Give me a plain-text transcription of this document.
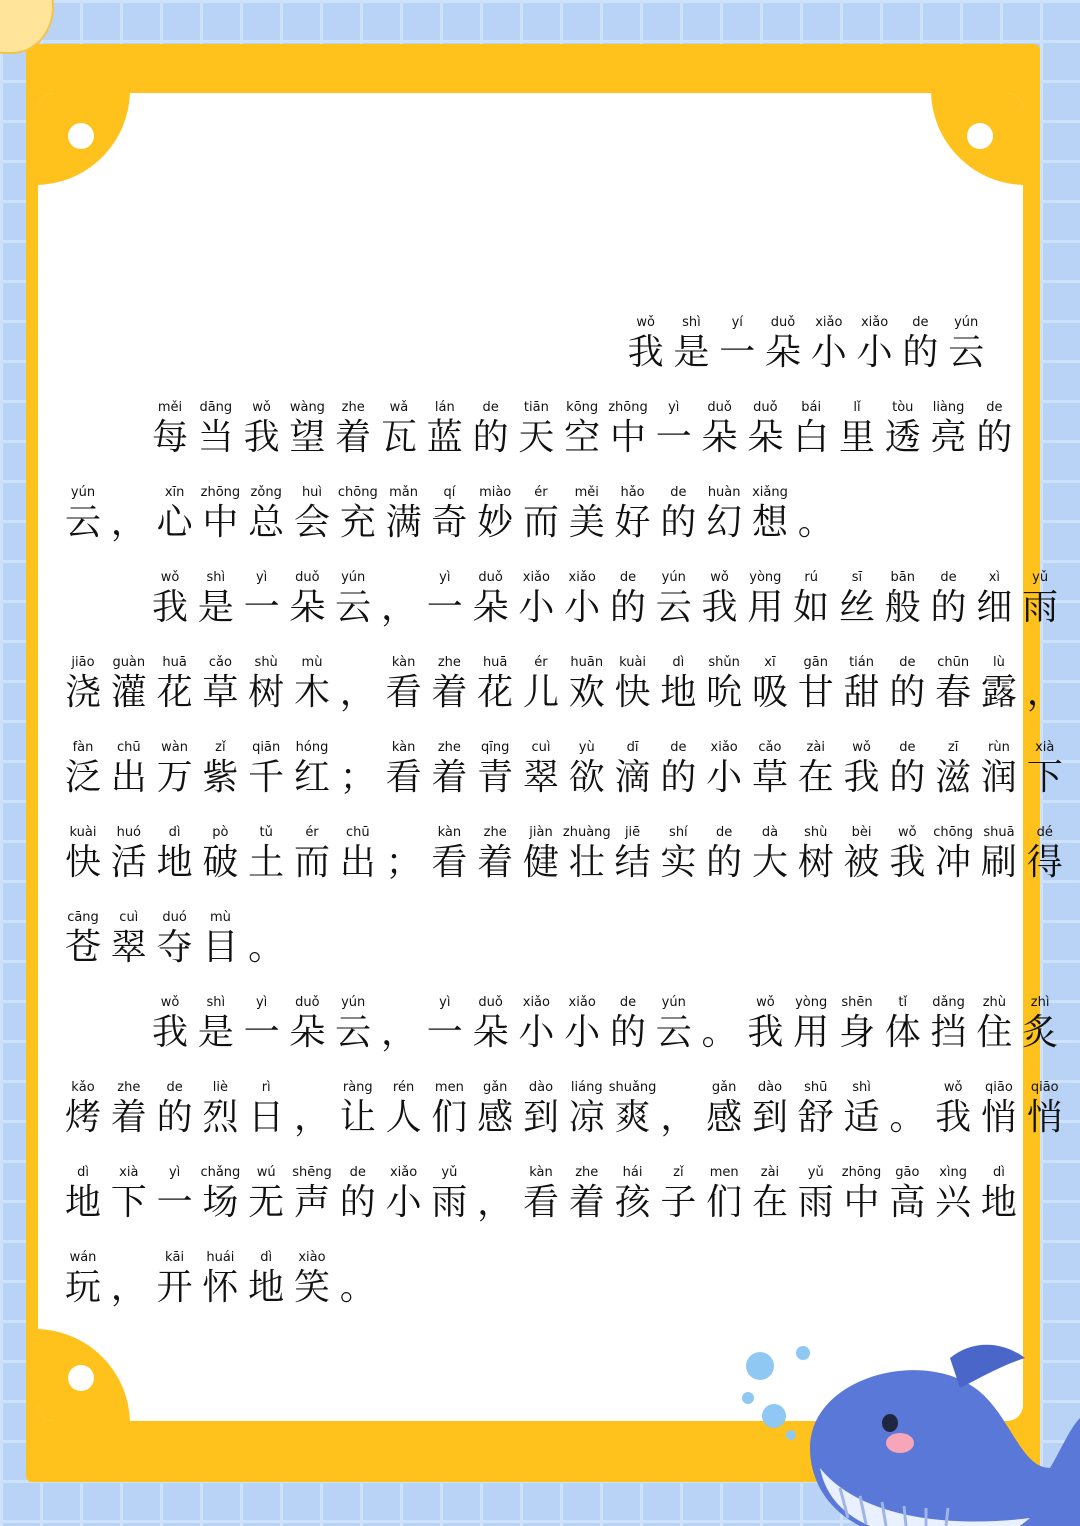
wǒ
我
shì
是
yí
一
duǒ
朵
xiǎo
小
xiǎo
小
de
的
yún
云
měi
每
dāng
当
wǒ
我
wàng
望
zhe
着
wǎ
瓦
lán
蓝
de
的
tiān
天
kōng
空
zhōng
中
yì
一
duǒ
朵
duǒ
朵
bái
白
lǐ
里
tòu
透
liàng
亮
de
的
yún
云 ，
xīn
心
zhōng
中
zǒng
总
huì
会
chōng
充
mǎn
满
qí
奇
miào
妙
ér
而
měi
美
hǎo
好
de
的
huàn
幻
xiǎng
想 。
wǒ
我
shì
是
yì
一
duǒ
朵
yún
云 ，
yì
一
duǒ
朵
xiǎo
小
xiǎo
小
de
的
yún
云
wǒ
我
yòng
用
rú
如
sī
丝
bān
般
de
的
xì
细
yǔ
雨
jiāo
浇
guàn
灌
huā
花
cǎo
草
shù
树
mù
木 ，
kàn
看
zhe
着
huā
花
ér
儿
huān
欢
kuài
快
dì
地
shǔn
吮
xī
吸
gān
甘
tián
甜
de
的
chūn
春
lù
露 ，
fàn
泛
chū
出
wàn
万
zǐ
紫
qiān
千
hóng
红 ；
kàn
看
zhe
着
qīng
青
cuì
翠
yù
欲
dī
滴
de
的
xiǎo
小
cǎo
草
zài
在
wǒ
我
de
的
zī
滋
rùn
润
xià
下
kuài
快
huó
活
dì
地
pò
破
tǔ
土
ér
而
chū
出 ；
kàn
看
zhe
着
jiàn
健
zhuàng
壮
jiē
结
shí
实
de
的
dà
大
shù
树
bèi
被
wǒ
我
chōng
冲
shuā
刷
dé
得
cāng
苍
cuì
翠
duó
夺
mù
目 。
wǒ
我
shì
是
yì
一
duǒ
朵
yún
云 ，
yì
一
duǒ
朵
xiǎo
小
xiǎo
小
de
的
yún
云 。
wǒ
我
yòng
用
shēn
身
tǐ
体
dǎng
挡
zhù
住
zhì
炙
kǎo
烤
zhe
着
de
的
liè
烈
rì
日 ，
ràng
让
rén
人
men
们
gǎn
感
dào
到
liáng
凉
shuǎng
爽 ，
gǎn
感
dào
到
shū
舒
shì
适 。
wǒ
我
qiāo
悄
qiāo
悄
dì
地
xià
下
yì
一
chǎng
场
wú
无
shēng
声
de
的
xiǎo
小
yǔ
雨 ，
kàn
看
zhe
着
hái
孩
zǐ
子
men
们
zài
在
yǔ
雨
zhōng
中
gāo
高
xìng
兴
dì
地
wán
玩 ，
kāi
开
huái
怀
dì
地
xiào
笑 。
